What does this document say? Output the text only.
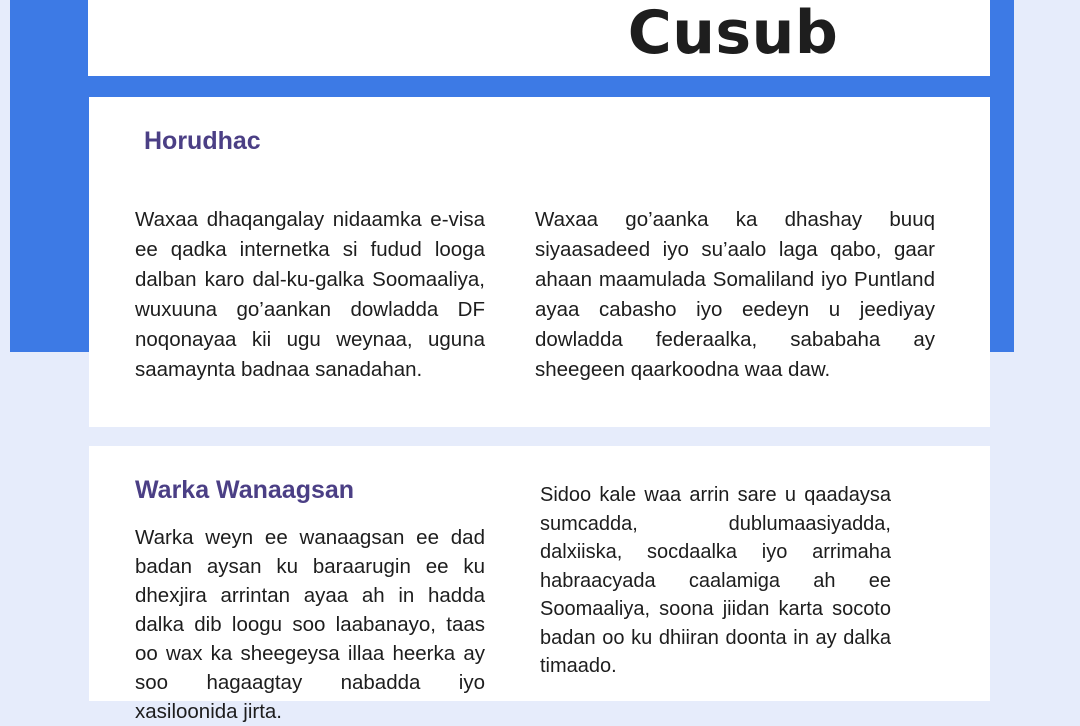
Cusub
Horudhac

Waxaa dhaqangalay nidaamka e-visa ee qadka internetka si fudud looga dalban karo dal-ku-galka Soomaaliya, wuxuuna go’aankan dowladda DF noqonayaa kii ugu weynaa, uguna saamaynta badnaa sanadahan.

Waxaa go’aanka ka dhashay buuq siyaasadeed iyo su’aalo laga qabo, gaar ahaan maamulada Somaliland iyo Puntland ayaa cabasho iyo eedeyn u jeediyay dowladda federaalka, sababaha ay sheegeen qaarkoodna waa daw.

Warka Wanaagsan

Warka weyn ee wanaagsan ee dad badan aysan ku baraarugin ee ku dhexjira arrintan ayaa ah in hadda dalka dib loogu soo laabanayo, taas oo wax ka sheegeysa illaa heerka ay soo hagaagtay nabadda iyo xasiloonida jirta.

Sidoo kale waa arrin sare u qaadaysa sumcadda, dublumaasiyadda, dalxiiska, socdaalka iyo arrimaha habraacyada caalamiga ah ee Soomaaliya, soona jiidan karta socoto badan oo ku dhiiran doonta in ay dalka timaado.
